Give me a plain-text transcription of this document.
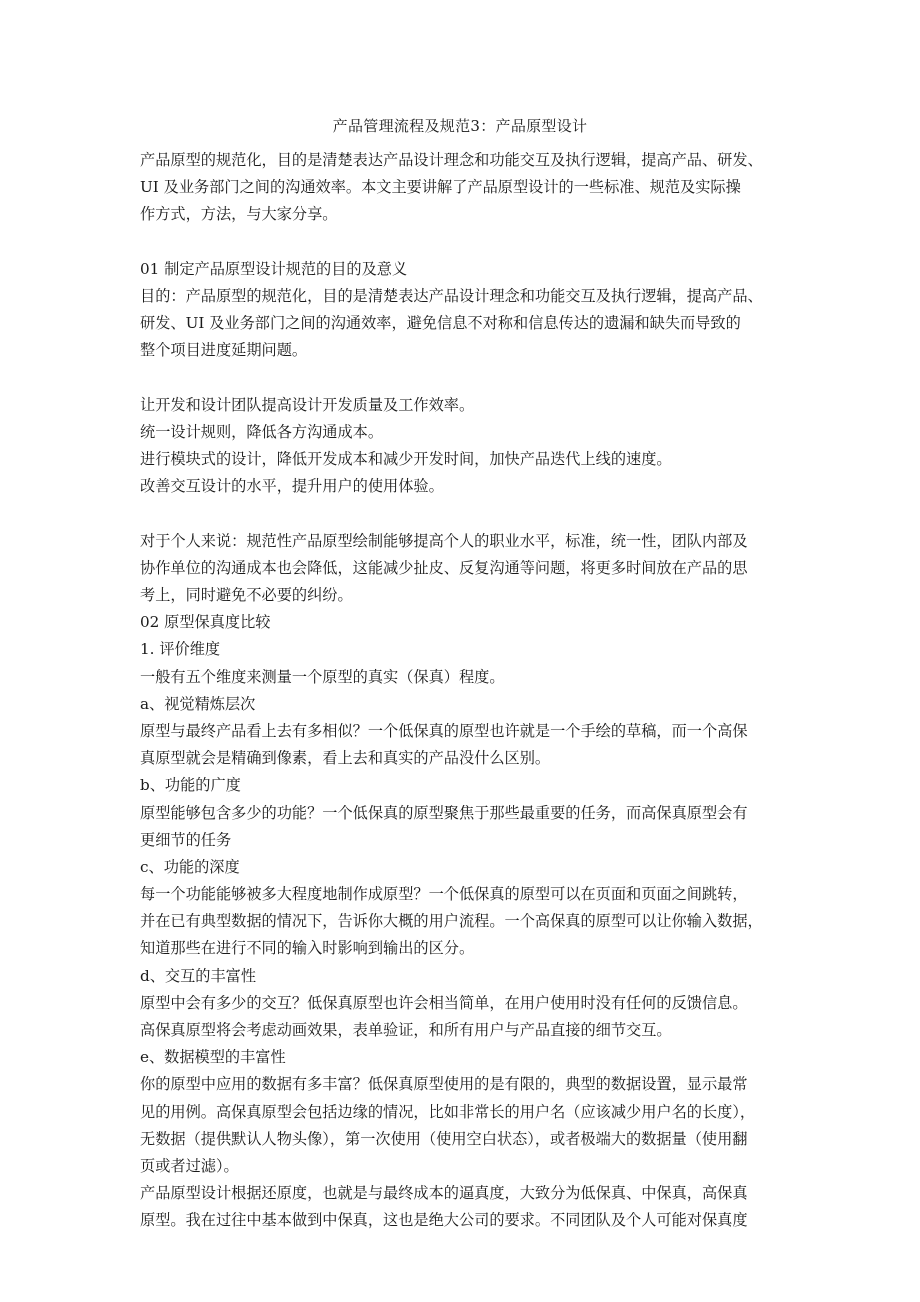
产品管理流程及规范3：产品原型设计
产品原型的规范化，目的是清楚表达产品设计理念和功能交互及执行逻辑，提高产品、研发、
UI 及业务部门之间的沟通效率。本文主要讲解了产品原型设计的一些标准、规范及实际操
作方式，方法，与大家分享。
01 制定产品原型设计规范的目的及意义
目的：产品原型的规范化，目的是清楚表达产品设计理念和功能交互及执行逻辑，提高产品、
研发、UI 及业务部门之间的沟通效率，避免信息不对称和信息传达的遗漏和缺失而导致的
整个项目进度延期问题。
让开发和设计团队提高设计开发质量及工作效率。
统一设计规则，降低各方沟通成本。
进行模块式的设计，降低开发成本和减少开发时间，加快产品迭代上线的速度。
改善交互设计的水平，提升用户的使用体验。
对于个人来说：规范性产品原型绘制能够提高个人的职业水平，标准，统一性，团队内部及
协作单位的沟通成本也会降低，这能减少扯皮、反复沟通等问题，将更多时间放在产品的思
考上，同时避免不必要的纠纷。
02 原型保真度比较
1. 评价维度
一般有五个维度来测量一个原型的真实（保真）程度。
a、视觉精炼层次
原型与最终产品看上去有多相似？一个低保真的原型也许就是一个手绘的草稿，而一个高保
真原型就会是精确到像素，看上去和真实的产品没什么区别。
b、功能的广度
原型能够包含多少的功能？一个低保真的原型聚焦于那些最重要的任务，而高保真原型会有
更细节的任务
c、功能的深度
每一个功能能够被多大程度地制作成原型？一个低保真的原型可以在页面和页面之间跳转，
并在已有典型数据的情况下，告诉你大概的用户流程。一个高保真的原型可以让你输入数据，
知道那些在进行不同的输入时影响到输出的区分。
d、交互的丰富性
原型中会有多少的交互？低保真原型也许会相当简单，在用户使用时没有任何的反馈信息。
高保真原型将会考虑动画效果，表单验证，和所有用户与产品直接的细节交互。
e、数据模型的丰富性
你的原型中应用的数据有多丰富？低保真原型使用的是有限的，典型的数据设置，显示最常
见的用例。高保真原型会包括边缘的情况，比如非常长的用户名（应该减少用户名的长度），
无数据（提供默认人物头像），第一次使用（使用空白状态），或者极端大的数据量（使用翻
页或者过滤）。
产品原型设计根据还原度，也就是与最终成本的逼真度，大致分为低保真、中保真，高保真
原型。我在过往中基本做到中保真，这也是绝大公司的要求。不同团队及个人可能对保真度
